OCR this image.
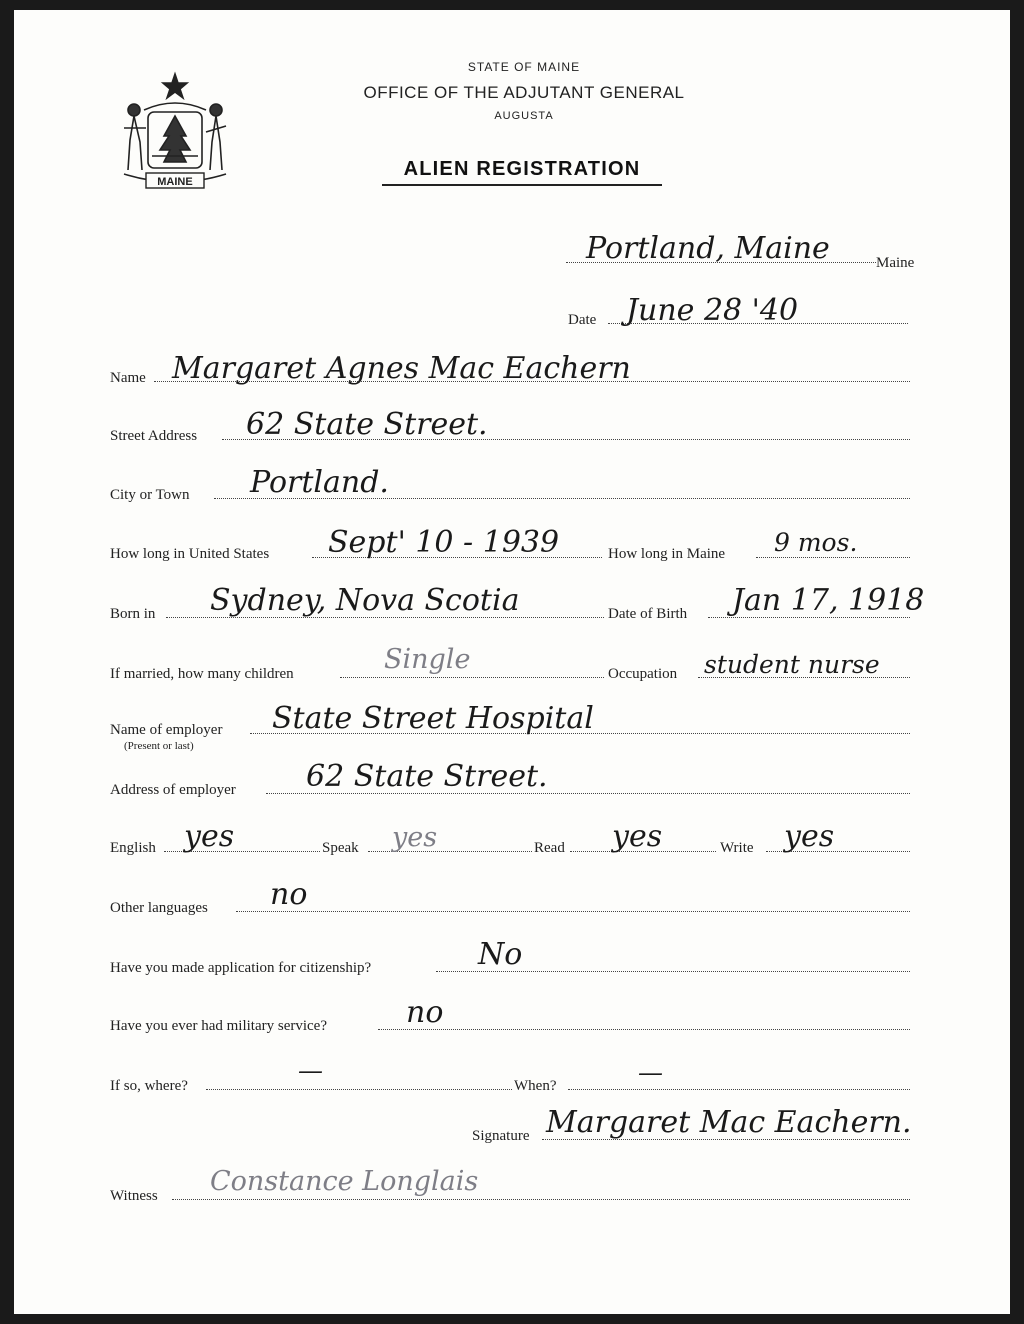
MAINE
STATE OF MAINE
OFFICE OF THE ADJUTANT GENERAL
AUGUSTA
ALIEN REGISTRATION
Portland, Maine	Maine
Date June 28 '40
Name Margaret Agnes Mac Eachern
Street Address 62 State Street.
City or Town Portland.
How long in United States Sept' 10 - 1939	How long in Maine 9 mos.
Born in Sydney, Nova Scotia	Date of Birth Jan 17, 1918
If married, how many children	Single	Occupation student nurse
Name of employer
(Present or last)
State Street Hospital
Address of employer 62 State Street.
English yes	Speak yes	Read yes	Write yes
Other languages no
Have you made application for citizenship?	No
Have you ever had military service?	no
If so, where?
—
When?	—
Signature Margaret Mac Eachern.
Witness Constance Longlais
